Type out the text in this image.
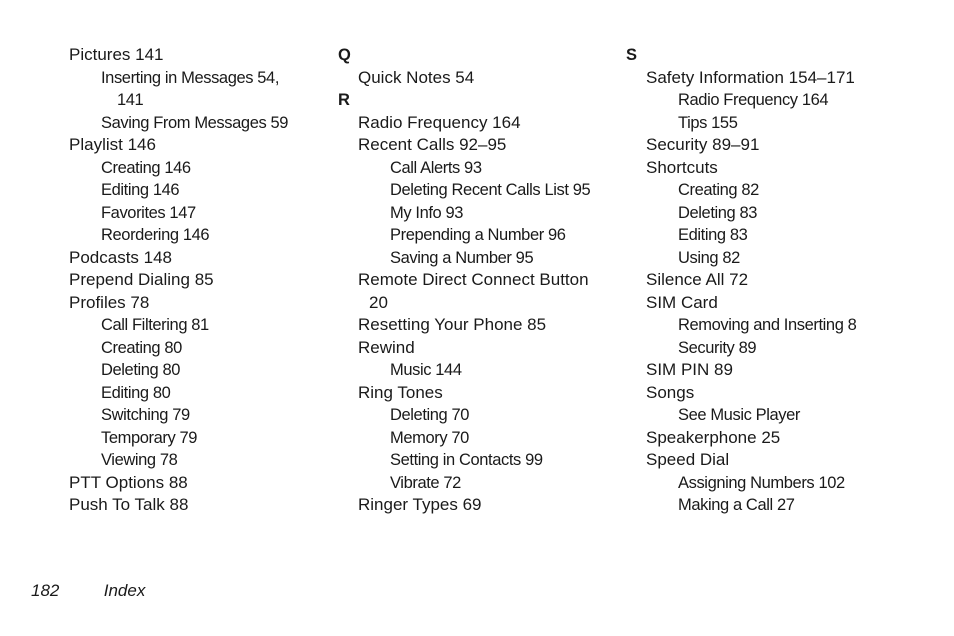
Pictures 141
Inserting in Messages 54,
141
Saving From Messages 59
Playlist 146
Creating 146
Editing 146
Favorites 147
Reordering 146
Podcasts 148
Prepend Dialing 85
Profiles 78
Call Filtering 81
Creating 80
Deleting 80
Editing 80
Switching 79
Temporary 79
Viewing 78
PTT Options 88
Push To Talk 88
Q
Quick Notes 54
R
Radio Frequency 164
Recent Calls 92–95
Call Alerts 93
Deleting Recent Calls List 95
My Info 93
Prepending a Number 96
Saving a Number 95
Remote Direct Connect Button
20
Resetting Your Phone 85
Rewind
Music 144
Ring Tones
Deleting 70
Memory 70
Setting in Contacts 99
Vibrate 72
Ringer Types 69
S
Safety Information 154–171
Radio Frequency 164
Tips 155
Security 89–91
Shortcuts
Creating 82
Deleting 83
Editing 83
Using 82
Silence All 72
SIM Card
Removing and Inserting 8
Security 89
SIM PIN 89
Songs
See Music Player
Speakerphone 25
Speed Dial
Assigning Numbers 102
Making a Call 27
182	Index
